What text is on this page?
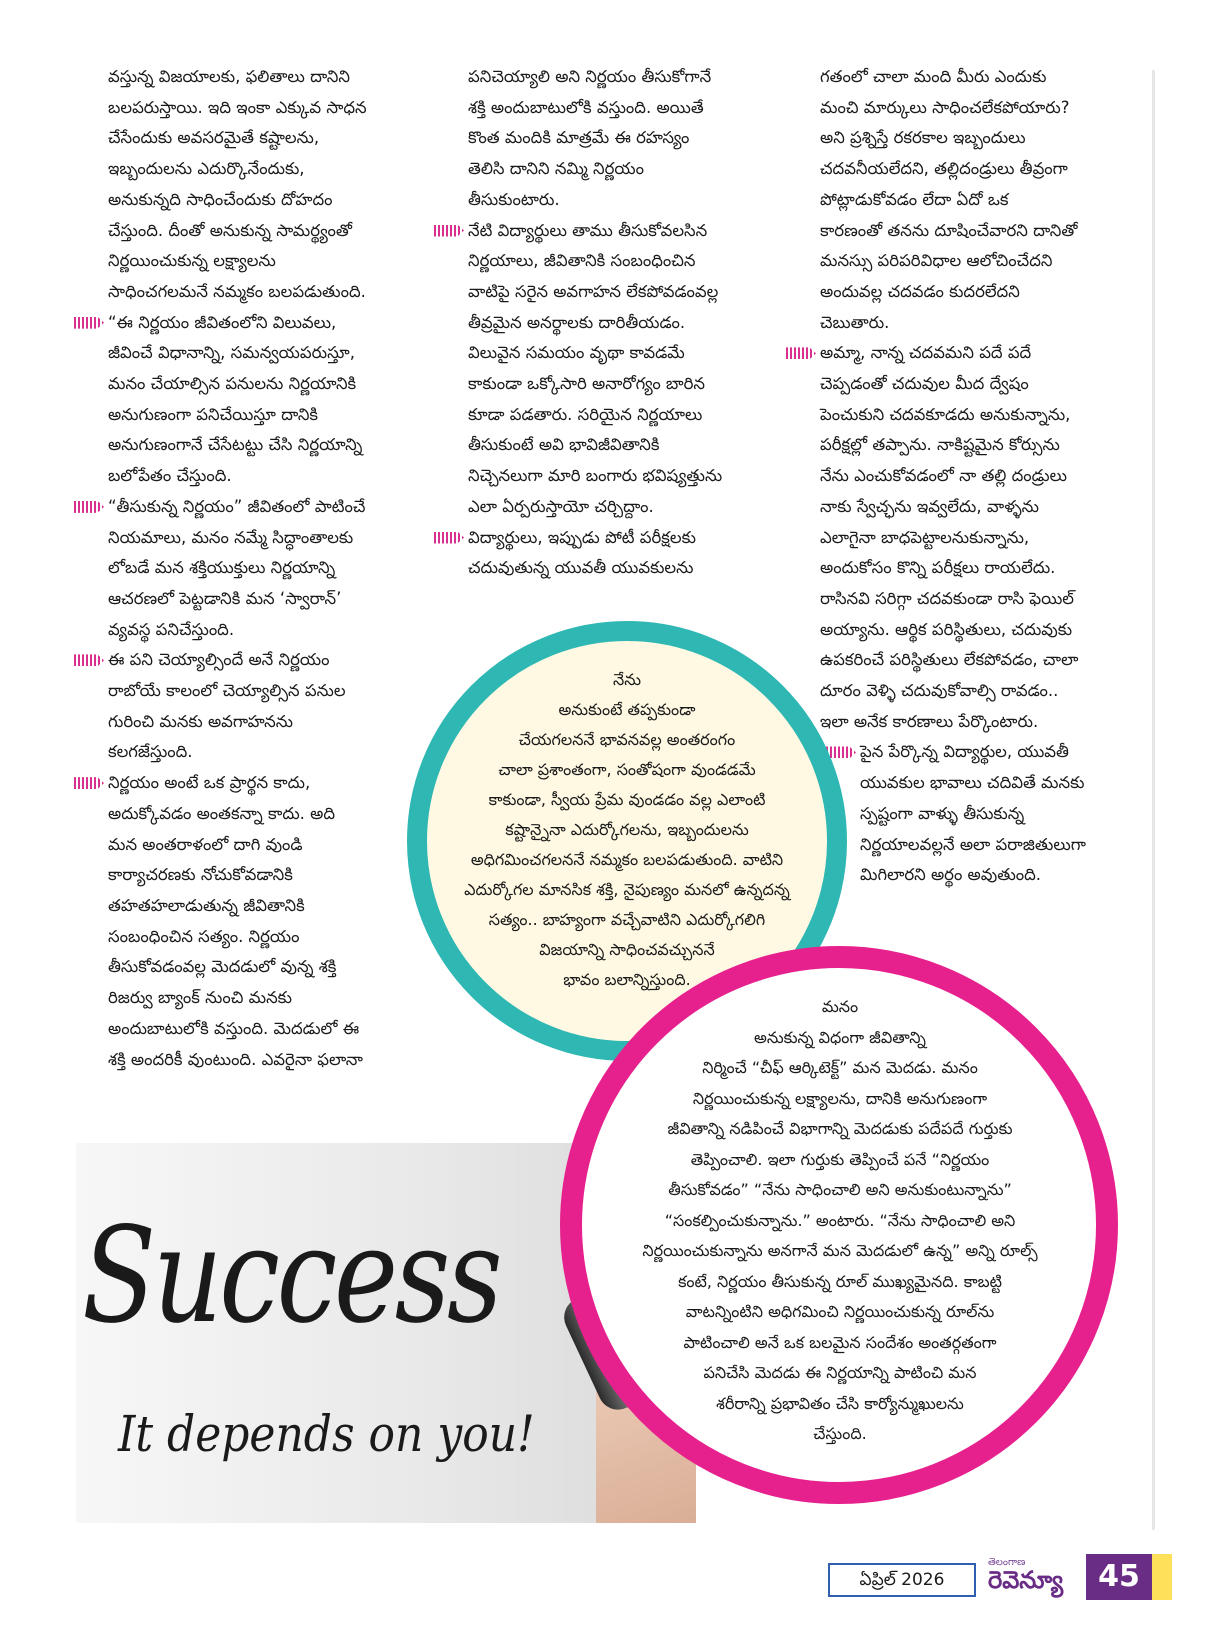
వస్తున్న విజయాలకు, ఫలితాలు దానిని
బలపరుస్తాయి. ఇది ఇంకా ఎక్కువ సాధన
చేసేందుకు అవసరమైతే కష్టాలను,
ఇబ్బందులను ఎదుర్కొనేందుకు,
అనుకున్నది సాధించేందుకు దోహదం
చేస్తుంది. దీంతో అనుకున్న సామర్థ్యంతో
నిర్ణయించుకున్న లక్ష్యాలను
సాధించగలమనే నమ్మకం బలపడుతుంది.

“ఈ నిర్ణయం జీవితంలోని విలువలు,
జీవించే విధానాన్ని, సమన్వయపరుస్తూ,
మనం చేయాల్సిన పనులను నిర్ణయానికి
అనుగుణంగా పనిచేయిస్తూ దానికి
అనుగుణంగానే చేసేటట్టు చేసి నిర్ణయాన్ని
బలోపేతం చేస్తుంది.

“తీసుకున్న నిర్ణయం” జీవితంలో పాటించే
నియమాలు, మనం నమ్మే సిద్ధాంతాలకు
లోబడే మన శక్తియుక్తులు నిర్ణయాన్ని
ఆచరణలో పెట్టడానికి మన ‘స్వారాన్’
వ్యవస్థ పనిచేస్తుంది.

ఈ పని చెయ్యాల్సిందే అనే నిర్ణయం
రాబోయే కాలంలో చెయ్యాల్సిన పనుల
గురించి మనకు అవగాహనను
కలగజేస్తుంది.

నిర్ణయం అంటే ఒక ప్రార్థన కాదు,
అదుక్కోవడం అంతకన్నా కాదు. అది
మన అంతరాళంలో దాగి వుండి
కార్యాచరణకు నోచుకోవడానికి
తహతహలాడుతున్న జీవితానికి
సంబంధించిన సత్యం. నిర్ణయం
తీసుకోవడంవల్ల మెదడులో వున్న శక్తి
రిజర్వు బ్యాంక్ నుంచి మనకు
అందుబాటులోకి వస్తుంది. మెదడులో ఈ
శక్తి అందరికీ వుంటుంది. ఎవరైనా ఫలానా

పనిచెయ్యాలి అని నిర్ణయం తీసుకోగానే
శక్తి అందుబాటులోకి వస్తుంది. అయితే
కొంత మందికి మాత్రమే ఈ రహస్యం
తెలిసి దానిని నమ్మి నిర్ణయం
తీసుకుంటారు.

నేటి విద్యార్థులు తాము తీసుకోవలసిన
నిర్ణయాలు, జీవితానికి సంబంధించిన
వాటిపై సరైన అవగాహన లేకపోవడంవల్ల
తీవ్రమైన అనర్థాలకు దారితీయడం.
విలువైన సమయం వృథా కావడమే
కాకుండా ఒక్కోసారి అనారోగ్యం బారిన
కూడా పడతారు. సరియైన నిర్ణయాలు
తీసుకుంటే అవి భావిజీవితానికి
నిచ్చెనలుగా మారి బంగారు భవిష్యత్తును
ఎలా ఏర్పరుస్తాయో చర్చిద్దాం.

విద్యార్థులు, ఇప్పుడు పోటీ పరీక్షలకు
చదువుతున్న యువతీ యువకులను

గతంలో చాలా మంది మీరు ఎందుకు
మంచి మార్కులు సాధించలేకపోయారు?
అని ప్రశ్నిస్తే రకరకాల ఇబ్బందులు
చదవనీయలేదని, తల్లిదండ్రులు తీవ్రంగా
పోట్లాడుకోవడం లేదా ఏదో ఒక
కారణంతో తనను దూషించేవారని దానితో
మనస్సు పరిపరివిధాల ఆలోచించేదని
అందువల్ల చదవడం కుదరలేదని
చెబుతారు.

అమ్మా, నాన్న చదవమని పదే పదే
చెప్పడంతో చదువుల మీద ద్వేషం
పెంచుకుని చదవకూడదు అనుకున్నాను,
పరీక్షల్లో తప్పాను. నాకిష్టమైన కోర్సును
నేను ఎంచుకోవడంలో నా తల్లి దండ్రులు
నాకు స్వేచ్ఛను ఇవ్వలేదు, వాళ్ళను
ఎలాగైనా బాధపెట్టాలనుకున్నాను,
అందుకోసం కొన్ని పరీక్షలు రాయలేదు.
రాసినవి సరిగ్గా చదవకుండా రాసి ఫెయిల్
అయ్యాను. ఆర్థిక పరిస్థితులు, చదువుకు
ఉపకరించే పరిస్థితులు లేకపోవడం, చాలా
దూరం వెళ్ళి చదువుకోవాల్సి రావడం..
ఇలా అనేక కారణాలు పేర్కొంటారు.

పైన పేర్కొన్న విద్యార్థుల, యువతీ
యువకుల భావాలు చదివితే మనకు
స్పష్టంగా వాళ్ళు తీసుకున్న
నిర్ణయాలవల్లనే అలా పరాజితులుగా
మిగిలారని అర్థం అవుతుంది.

Success
It depends on you!
నేను
అనుకుంటే తప్పకుండా
చేయగలననే భావనవల్ల అంతరంగం
చాలా ప్రశాంతంగా, సంతోషంగా వుండడమే
కాకుండా, స్వీయ ప్రేమ వుండడం వల్ల ఎలాంటి
కష్టాన్నైనా ఎదుర్కోగలను, ఇబ్బందులను
అధిగమించగలననే నమ్మకం బలపడుతుంది. వాటిని
ఎదుర్కోగల మానసిక శక్తి, నైపుణ్యం మనలో ఉన్నదన్న
సత్యం.. బాహ్యంగా వచ్చేవాటిని ఎదుర్కోగలిగి
విజయాన్ని సాధించవచ్చుననే
భావం బలాన్నిస్తుంది.
మనం
అనుకున్న విధంగా జీవితాన్ని
నిర్మించే “చీఫ్ ఆర్కిటెక్ట్” మన మెదడు. మనం
నిర్ణయించుకున్న లక్ష్యాలను, దానికి అనుగుణంగా
జీవితాన్ని నడిపించే విభాగాన్ని మెదడుకు పదేపదే గుర్తుకు
తెప్పించాలి. ఇలా గుర్తుకు తెప్పించే పనే “నిర్ణయం
తీసుకోవడం” “నేను సాధించాలి అని అనుకుంటున్నాను”
“సంకల్పించుకున్నాను.” అంటారు. “నేను సాధించాలి అని
నిర్ణయించుకున్నాను అనగానే మన మెదడులో ఉన్న” అన్ని రూల్స్
కంటే, నిర్ణయం తీసుకున్న రూల్ ముఖ్యమైనది. కాబట్టి
వాటన్నింటిని అధిగమించి నిర్ణయించుకున్న రూల్‌ను
పాటించాలి అనే ఒక బలమైన సందేశం అంతర్గతంగా
పనిచేసి మెదడు ఈ నిర్ణయాన్ని పాటించి మన
శరీరాన్ని ప్రభావితం చేసి కార్యోన్ముఖులను
చేస్తుంది.
ఏప్రిల్ 2026
తెలంగాణ
రెవెన్యూ	45
